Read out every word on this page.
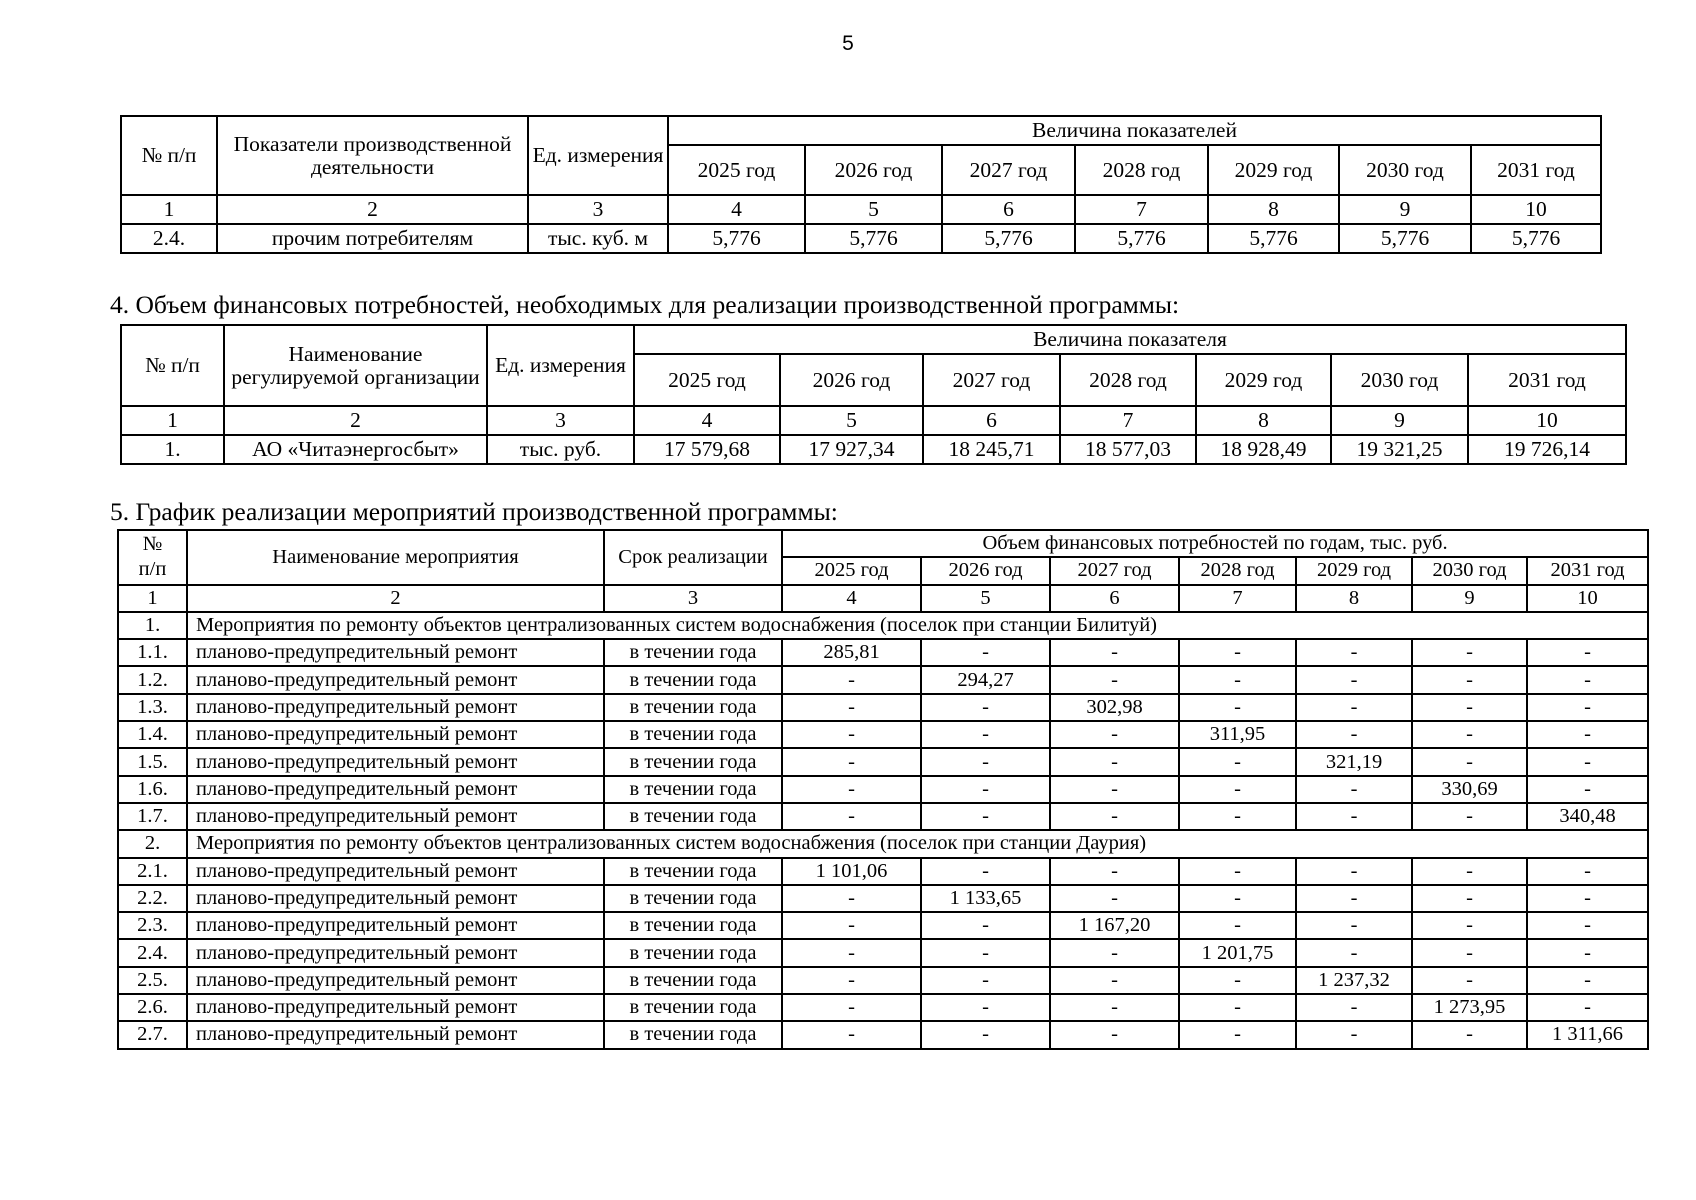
5
№ п/п	Показатели производственной деятельности	Ед. измерения	Величина показателей						
			2025 год	2026 год	2027 год	2028 год	2029 год	2030 год	2031 год
1	2	3	4	5	6	7	8	9	10
2.4.	прочим потребителям	тыс. куб. м	5,776	5,776	5,776	5,776	5,776	5,776	5,776
4. Объем финансовых потребностей, необходимых для реализации производственной программы:
№ п/п	Наименование регулируемой организации	Ед. измерения	Величина показателя						
			2025 год	2026 год	2027 год	2028 год	2029 год	2030 год	2031 год
1	2	3	4	5	6	7	8	9	10
1.	АО «Читаэнергосбыт»	тыс. руб.	17 579,68	17 927,34	18 245,71	18 577,03	18 928,49	19 321,25	19 726,14
5. График реализации мероприятий производственной программы:
№
п/п	Наименование мероприятия	Срок реализации	Объем финансовых потребностей по годам, тыс. руб.						
			2025 год	2026 год	2027 год	2028 год	2029 год	2030 год	2031 год
1	2	3	4	5	6	7	8	9	10
1.	Мероприятия по ремонту объектов централизованных систем водоснабжения (поселок при станции Билитуй)								
1.1.	планово-предупредительный ремонт	в течении года	285,81	-	-	-	-	-	-
1.2.	планово-предупредительный ремонт	в течении года	-	294,27	-	-	-	-	-
1.3.	планово-предупредительный ремонт	в течении года	-	-	302,98	-	-	-	-
1.4.	планово-предупредительный ремонт	в течении года	-	-	-	311,95	-	-	-
1.5.	планово-предупредительный ремонт	в течении года	-	-	-	-	321,19	-	-
1.6.	планово-предупредительный ремонт	в течении года	-	-	-	-	-	330,69	-
1.7.	планово-предупредительный ремонт	в течении года	-	-	-	-	-	-	340,48
2.	Мероприятия по ремонту объектов централизованных систем водоснабжения (поселок при станции Даурия)								
2.1.	планово-предупредительный ремонт	в течении года	1 101,06	-	-	-	-	-	-
2.2.	планово-предупредительный ремонт	в течении года	-	1 133,65	-	-	-	-	-
2.3.	планово-предупредительный ремонт	в течении года	-	-	1 167,20	-	-	-	-
2.4.	планово-предупредительный ремонт	в течении года	-	-	-	1 201,75	-	-	-
2.5.	планово-предупредительный ремонт	в течении года	-	-	-	-	1 237,32	-	-
2.6.	планово-предупредительный ремонт	в течении года	-	-	-	-	-	1 273,95	-
2.7.	планово-предупредительный ремонт	в течении года	-	-	-	-	-	-	1 311,66
